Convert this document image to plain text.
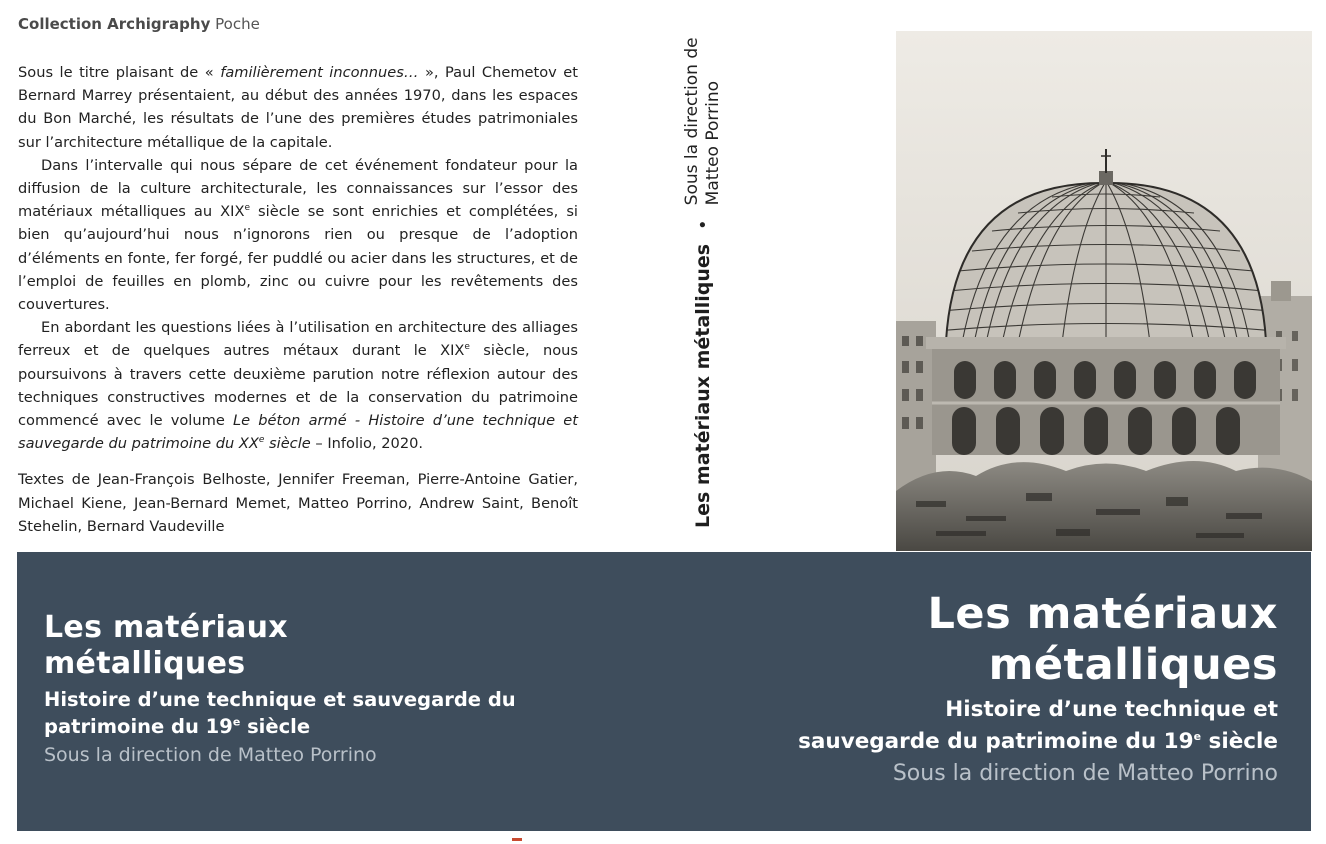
Collection Archigraphy Poche

Sous le titre plaisant de « familièrement inconnues… », Paul Chemetov et Bernard Marrey présentaient, au début des années 1970, dans les espaces du Bon Marché, les résultats de l’une des premières études patrimoniales sur l’architecture métallique de la capitale.

Dans l’intervalle qui nous sépare de cet événement fondateur pour la diffusion de la culture architecturale, les connaissances sur l’essor des matériaux métalliques au XIXe siècle se sont enrichies et complétées, si bien qu’aujourd’hui nous n’ignorons rien ou presque de l’adoption d’éléments en fonte, fer forgé, fer puddlé ou acier dans les structures, et de l’emploi de feuilles en plomb, zinc ou cuivre pour les revêtements des couvertures.

En abordant les questions liées à l’utilisation en architecture des alliages ferreux et de quelques autres métaux durant le XIXe siècle, nous poursuivons à travers cette deuxième parution notre réflexion autour des techniques constructives modernes et de la conservation du patrimoine commencé avec le volume Le béton armé - Histoire d’une technique et sauvegarde du patrimoine du XXe siècle – Infolio, 2020.

Textes de Jean-François Belhoste, Jennifer Freeman, Pierre-Antoine Gatier, Michael Kiene, Jean-Bernard Memet, Matteo Porrino, Andrew Saint, Benoît Stehelin, Bernard Vaudeville	Les matériaux métalliques
•
Sous la direction de Matteo Porrino

Les matériaux
métalliques

Histoire d’une technique et sauvegarde du
patrimoine du 19e siècle

Sous la direction de Matteo Porrino

Les matériaux
métalliques

Histoire d’une technique et
sauvegarde du patrimoine du 19e siècle

Sous la direction de Matteo Porrino
